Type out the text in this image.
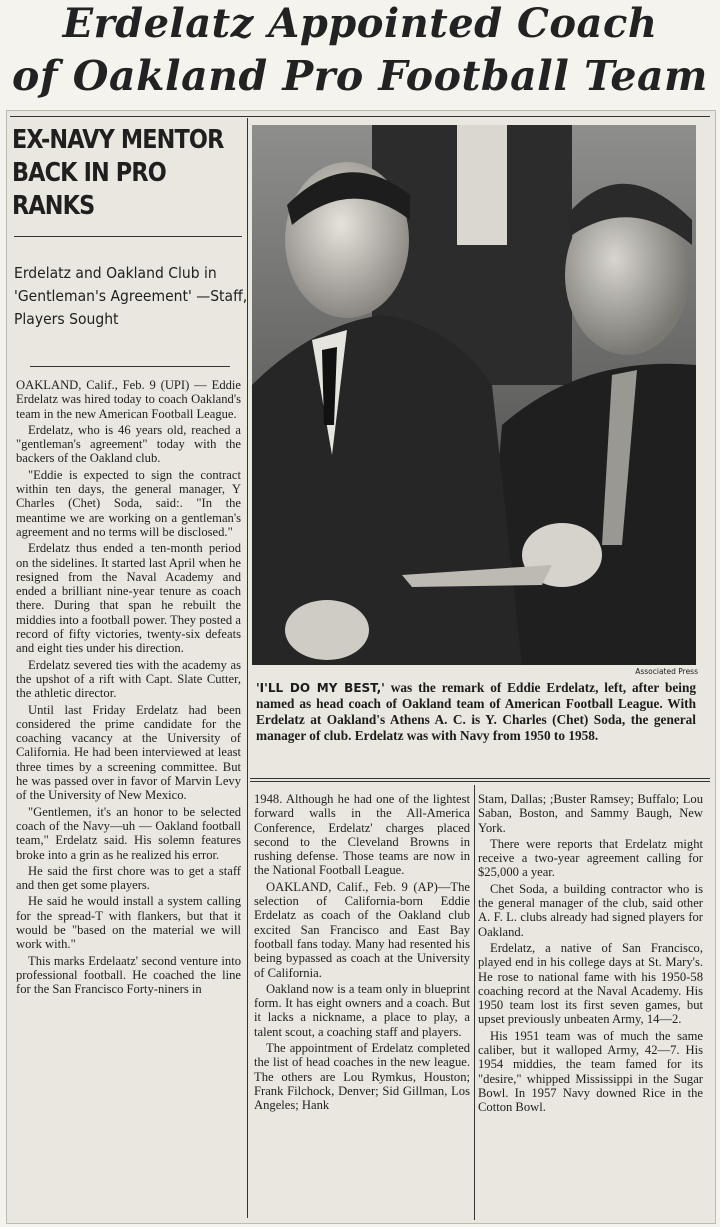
Erdelatz Appointed Coach
of Oakland Pro Football Team
EX-NAVY MENTOR BACK IN PRO RANKS
Erdelatz and Oakland Club in 'Gentleman's Agreement' —Staff, Players Sought

OAKLAND, Calif., Feb. 9 (UPI) — Eddie Erdelatz was hired today to coach Oakland's team in the new American Football League.

Erdelatz, who is 46 years old, reached a "gentleman's agreement" today with the backers of the Oakland club.

"Eddie is expected to sign the contract within ten days, the general manager, Y Charles (Chet) Soda, said:. "In the meantime we are working on a gentleman's agreement and no terms will be disclosed."

Erdelatz thus ended a ten-month period on the sidelines. It started last April when he resigned from the Naval Academy and ended a brilliant nine-year tenure as coach there. During that span he rebuilt the middies into a football power. They posted a record of fifty victories, twenty-six defeats and eight ties under his direction.

Erdelatz severed ties with the academy as the upshot of a rift with Capt. Slate Cutter, the athletic director.

Until last Friday Erdelatz had been considered the prime candidate for the coaching vacancy at the University of California. He had been interviewed at least three times by a screening committee. But he was passed over in favor of Marvin Levy of the University of New Mexico.

"Gentlemen, it's an honor to be selected coach of the Navy—uh — Oakland football team," Erdelatz said. His solemn features broke into a grin as he realized his error.

He said the first chore was to get a staff and then get some players.

He said he would install a system calling for the spread-T with flankers, but that it would be "based on the material we will work with."

This marks Erdelaatz' second venture into professional football. He coached the line for the San Francisco Forty-niners in

Associated Press
'I'LL DO MY BEST,' was the remark of Eddie Erdelatz, left, after being named as head coach of Oakland team of American Football League. With Erdelatz at Oakland's Athens A. C. is Y. Charles (Chet) Soda, the general manager of club. Erdelatz was with Navy from 1950 to 1958.

1948. Although he had one of the lightest forward walls in the All-America Conference, Erdelatz' charges placed second to the Cleveland Browns in rushing defense. Those teams are now in the National Football League.

OAKLAND, Calif., Feb. 9 (AP)—The selection of California-born Eddie Erdelatz as coach of the Oakland club excited San Francisco and East Bay football fans today. Many had resented his being bypassed as coach at the University of California.

Oakland now is a team only in blueprint form. It has eight owners and a coach. But it lacks a nickname, a place to play, a talent scout, a coaching staff and players.

The appointment of Erdelatz completed the list of head coaches in the new league. The others are Lou Rymkus, Houston; Frank Filchock, Denver; Sid Gillman, Los Angeles; Hank

Stam, Dallas; ;Buster Ramsey; Buffalo; Lou Saban, Boston, and Sammy Baugh, New York.

There were reports that Erdelatz might receive a two-year agreement calling for $25,000 a year.

Chet Soda, a building contractor who is the general manager of the club, said other A. F. L. clubs already had signed players for Oakland.

Erdelatz, a native of San Francisco, played end in his college days at St. Mary's. He rose to national fame with his 1950-58 coaching record at the Naval Academy. His 1950 team lost its first seven games, but upset previously unbeaten Army, 14—2.

His 1951 team was of much the same caliber, but it walloped Army, 42—7. His 1954 middies, the team famed for its "desire," whipped Mississippi in the Sugar Bowl. In 1957 Navy downed Rice in the Cotton Bowl.
